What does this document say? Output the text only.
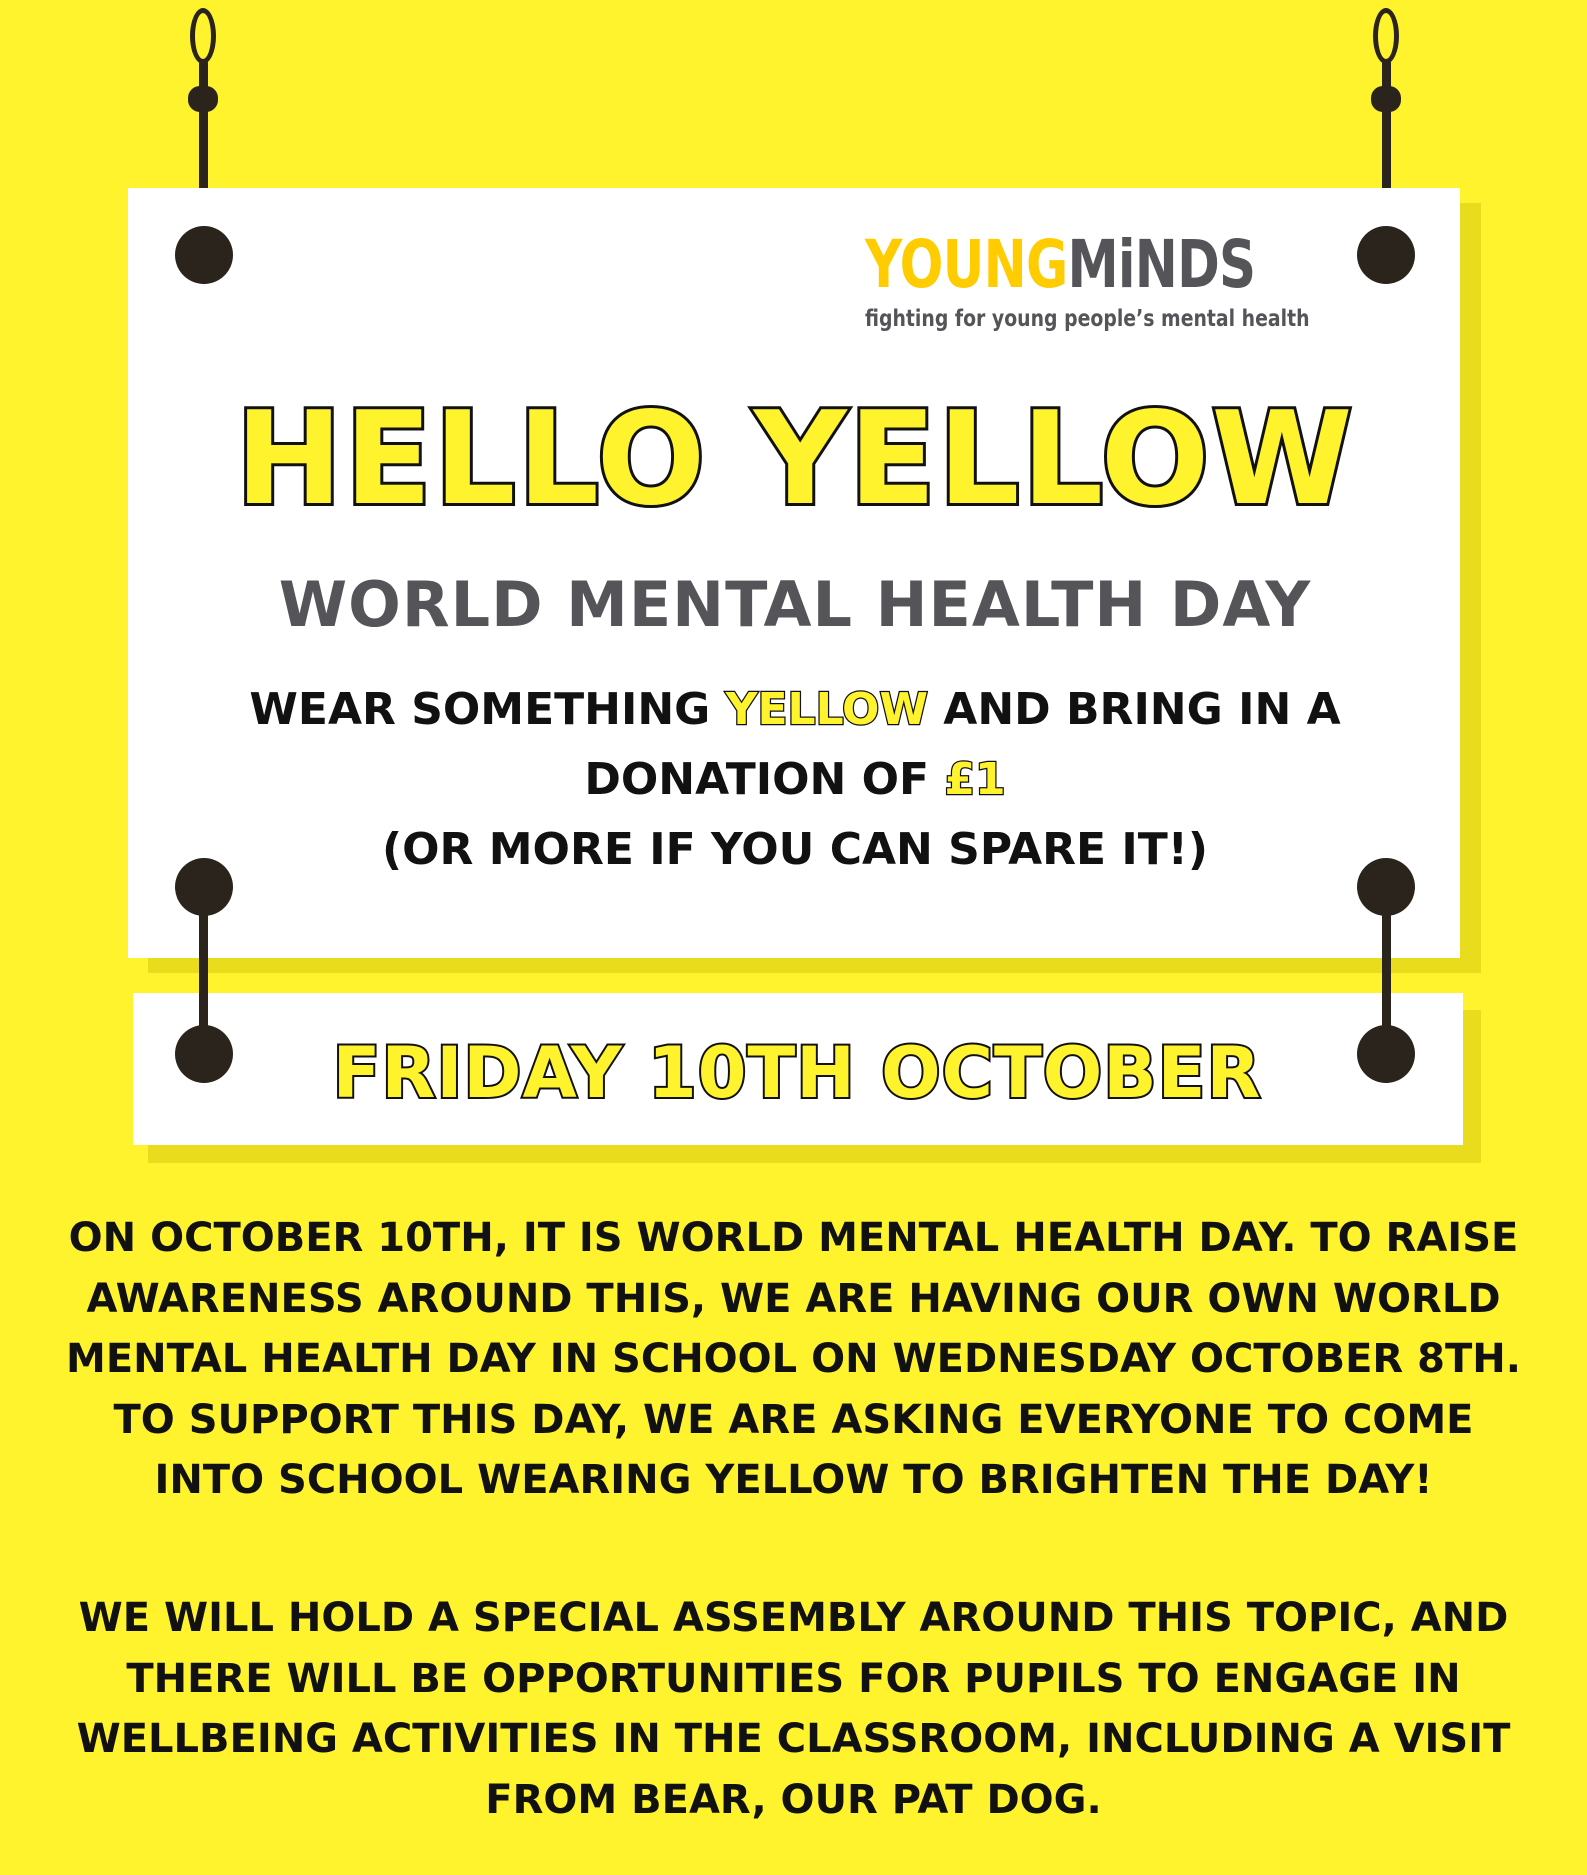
YOUNGMiNDS
fighting for young people’s mental health
HELLO YELLOW
WORLD MENTAL HEALTH DAY
WEAR SOMETHING YELLOW AND BRING IN A
DONATION OF £1
(OR MORE IF YOU CAN SPARE IT!)
FRIDAY 10TH OCTOBER
ON OCTOBER 10TH, IT IS WORLD MENTAL HEALTH DAY. TO RAISE
AWARENESS AROUND THIS, WE ARE HAVING OUR OWN WORLD
MENTAL HEALTH DAY IN SCHOOL ON WEDNESDAY OCTOBER 8TH.
TO SUPPORT THIS DAY, WE ARE ASKING EVERYONE TO COME
INTO SCHOOL WEARING YELLOW TO BRIGHTEN THE DAY!
WE WILL HOLD A SPECIAL ASSEMBLY AROUND THIS TOPIC, AND
THERE WILL BE OPPORTUNITIES FOR PUPILS TO ENGAGE IN
WELLBEING ACTIVITIES IN THE CLASSROOM, INCLUDING A VISIT
FROM BEAR, OUR PAT DOG.
